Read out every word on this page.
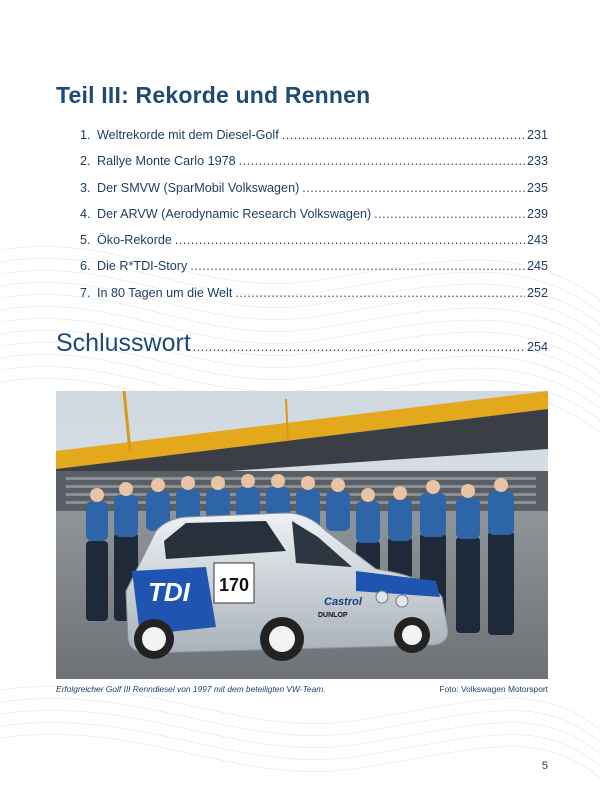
Teil III: Rekorde und Rennen
1. Weltrekorde mit dem Diesel-Golf .....	231
2. Rallye Monte Carlo 1978 .....	233
3. Der SMVW (SparMobil Volkswagen) .....	235
4. Der ARVW (Aerodynamic Research Volkswagen) .....	239
5. Öko-Rekorde .....	243
6. Die R*TDI-Story .....	245
7. In 80 Tagen um die Welt .....	252
Schlusswort .....	254
TDI 170
Castrol
DUNLOP
Erfolgreicher Golf III Renndiesel von 1997 mit dem beteiligten VW-Team.	Foto: Volkswagen Motorsport
5
